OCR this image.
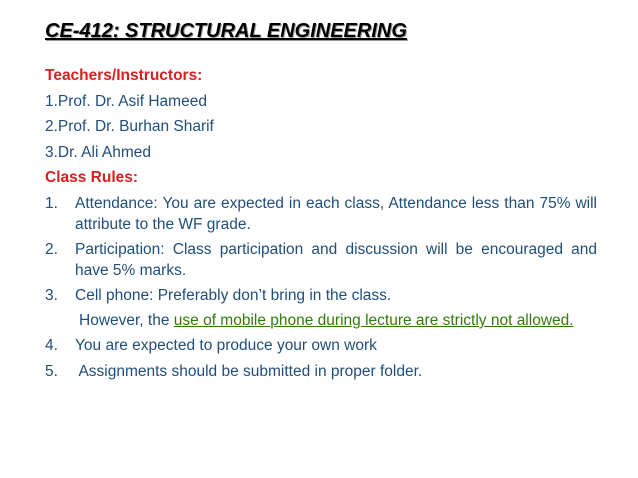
CE-412: STRUCTURAL ENGINEERING
Teachers/Instructors:

1.Prof. Dr. Asif Hameed

2.Prof. Dr. Burhan Sharif

3.Dr. Ali Ahmed

Class Rules:
1.	Attendance: You are expected in each class, Attendance less than 75% will attribute to the WF grade.
2.	Participation: Class participation and discussion will be encouraged and have 5% marks.
3.	Cell phone: Preferably don’t bring in the class.
However, the use of mobile phone during lecture are strictly not allowed.
4.	You are expected to produce your own work
5.	Assignments should be submitted in proper folder.
